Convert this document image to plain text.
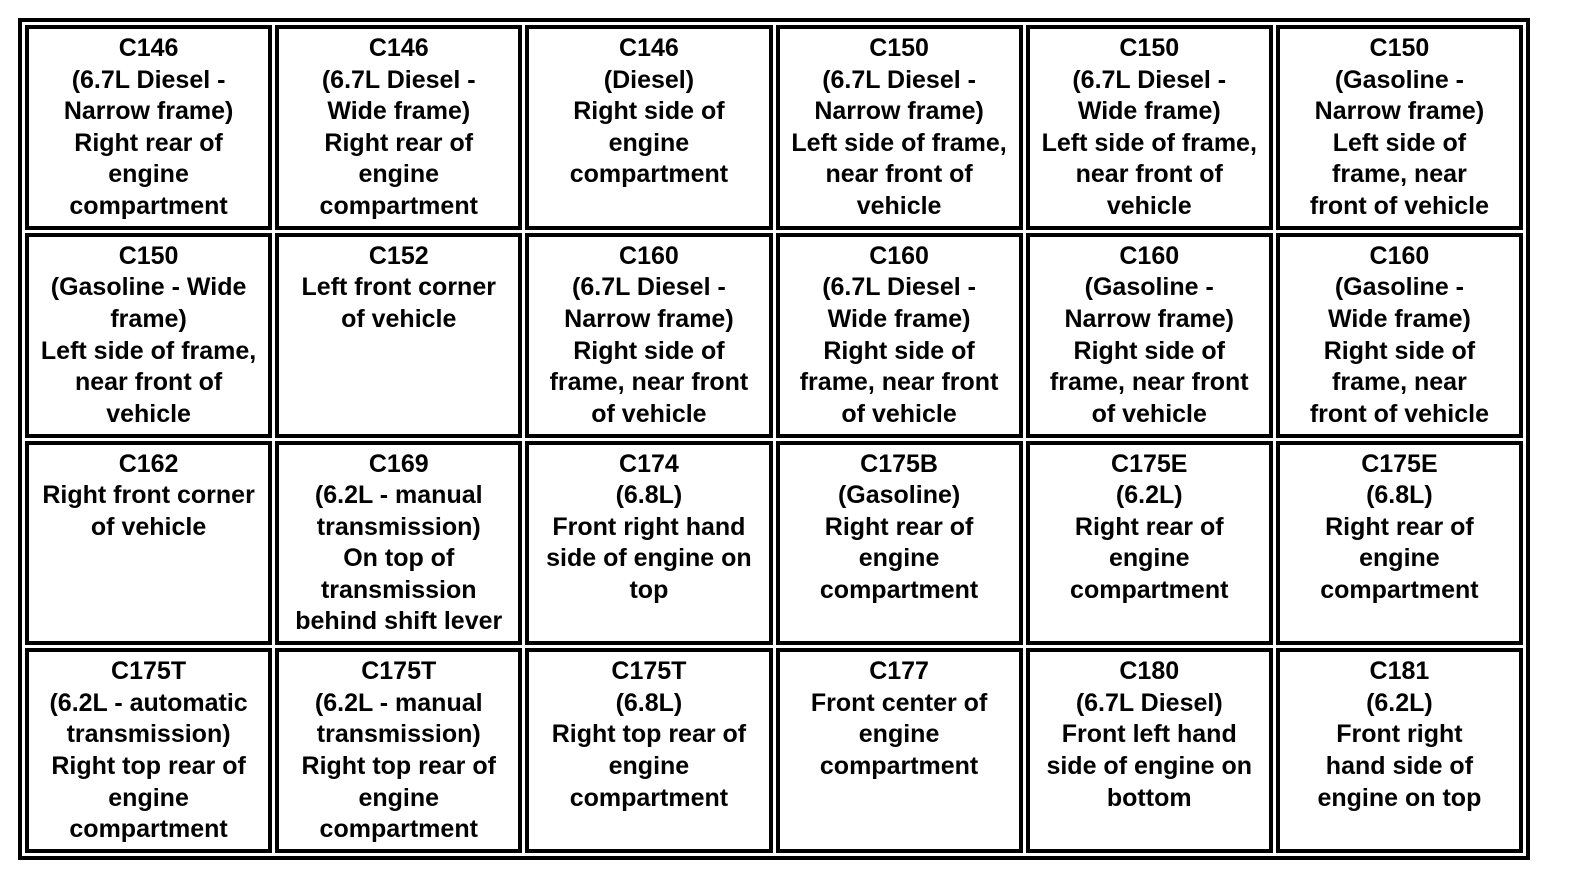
C146
(6.7L Diesel -
Narrow frame)
Right rear of
engine
compartment
C146
(6.7L Diesel -
Wide frame)
Right rear of
engine
compartment
C146
(Diesel)
Right side of
engine
compartment
C150
(6.7L Diesel -
Narrow frame)
Left side of frame,
near front of
vehicle
C150
(6.7L Diesel -
Wide frame)
Left side of frame,
near front of
vehicle
C150
(Gasoline -
Narrow frame)
Left side of
frame, near
front of vehicle
C150
(Gasoline - Wide
frame)
Left side of frame,
near front of
vehicle
C152
Left front corner
of vehicle
C160
(6.7L Diesel -
Narrow frame)
Right side of
frame, near front
of vehicle
C160
(6.7L Diesel -
Wide frame)
Right side of
frame, near front
of vehicle
C160
(Gasoline -
Narrow frame)
Right side of
frame, near front
of vehicle
C160
(Gasoline -
Wide frame)
Right side of
frame, near
front of vehicle
C162
Right front corner
of vehicle
C169
(6.2L - manual
transmission)
On top of
transmission
behind shift lever
C174
(6.8L)
Front right hand
side of engine on
top
C175B
(Gasoline)
Right rear of
engine
compartment
C175E
(6.2L)
Right rear of
engine
compartment
C175E
(6.8L)
Right rear of
engine
compartment
C175T
(6.2L - automatic
transmission)
Right top rear of
engine
compartment
C175T
(6.2L - manual
transmission)
Right top rear of
engine
compartment
C175T
(6.8L)
Right top rear of
engine
compartment
C177
Front center of
engine
compartment
C180
(6.7L Diesel)
Front left hand
side of engine on
bottom
C181
(6.2L)
Front right
hand side of
engine on top
